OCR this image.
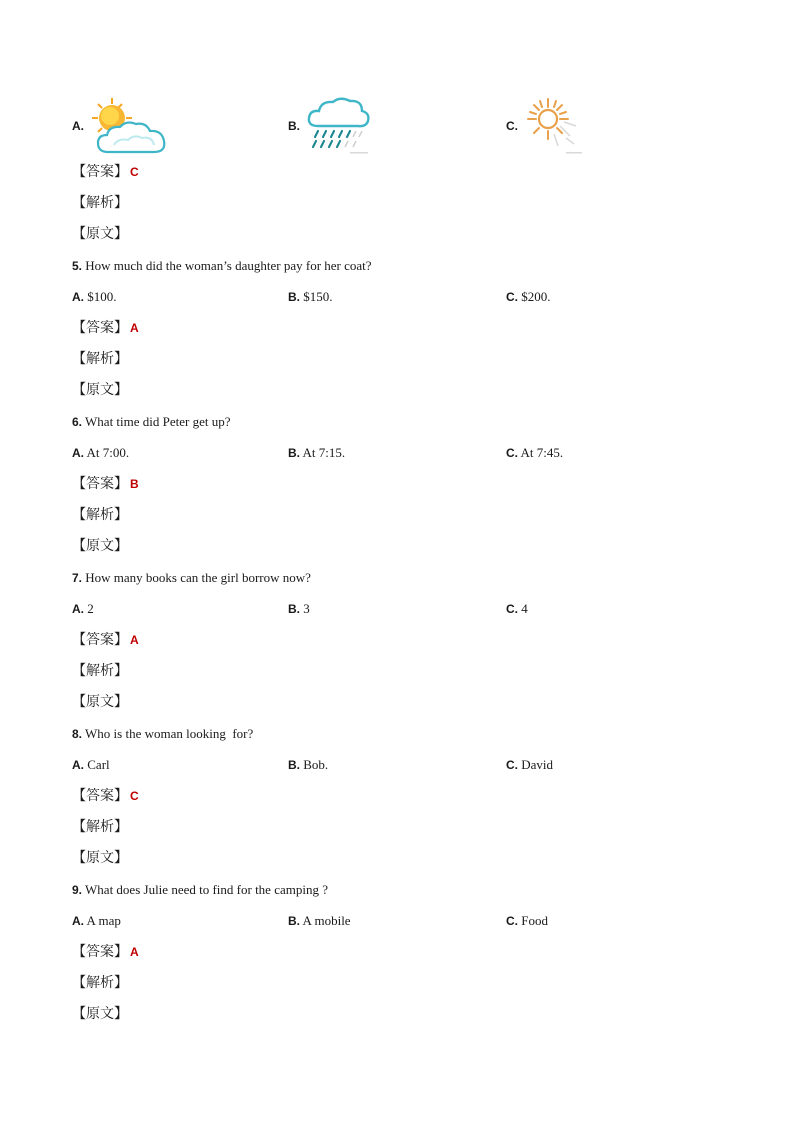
A.	B.	C.
【答案】 C
【解析】
【原文】
5. How much did the woman’s daughter pay for her coat?
A. $100.	B. $150.	C. $200.
【答案】 A
【解析】
【原文】
6. What time did Peter get up?
A. At 7:00.	B. At 7:15.	C. At 7:45.
【答案】 B
【解析】
【原文】
7. How many books can the girl borrow now?
A. 2	B. 3	C. 4
【答案】 A
【解析】
【原文】
8. Who is the woman looking  for?
A. Carl	B. Bob.	C. David
【答案】 C
【解析】
【原文】
9. What does Julie need to find for the camping ?
A. A map	B. A mobile	C. Food
【答案】 A
【解析】
【原文】
